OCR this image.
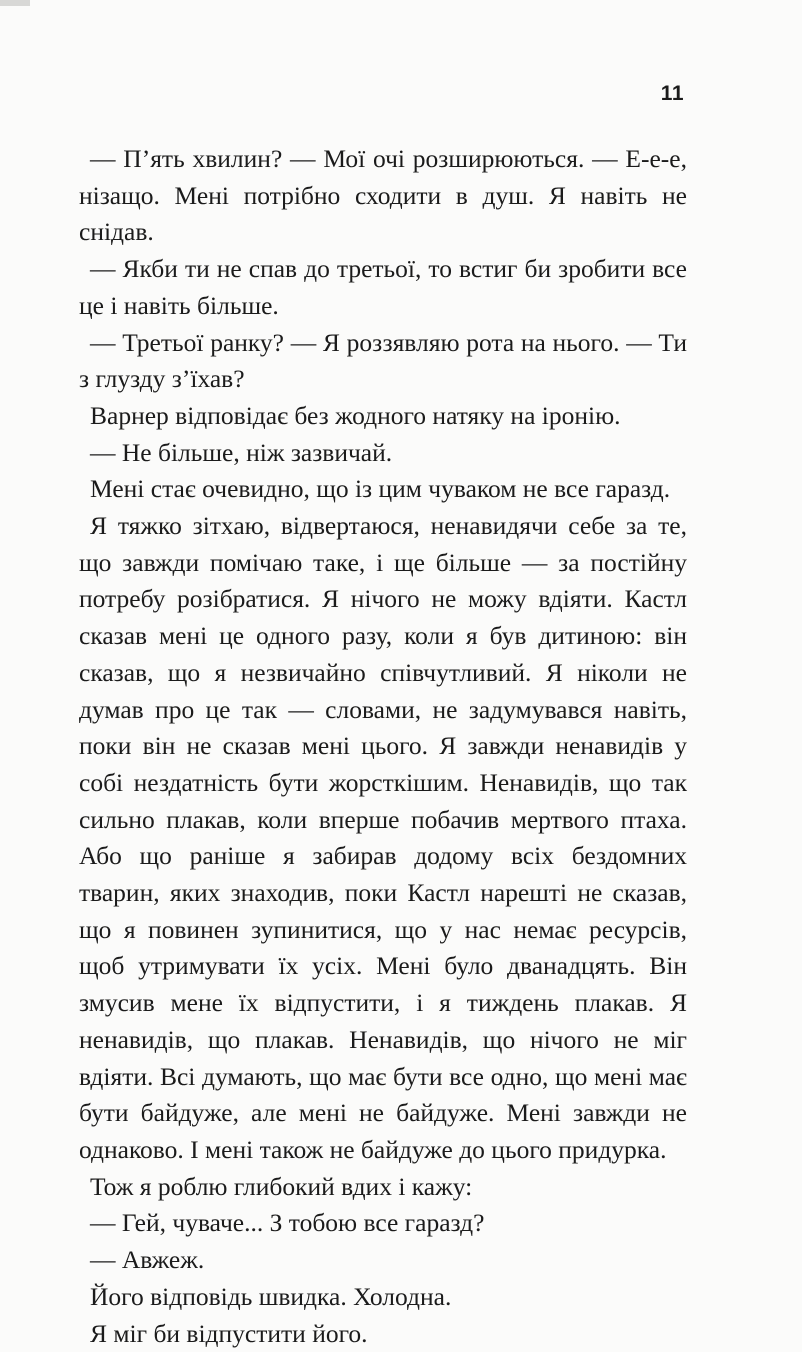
11

— П’ять хвилин? — Мої очі розширюються. — Е-е-е, нізащо. Мені потрібно сходити в душ. Я навіть не снідав.

— Якби ти не спав до третьої, то встиг би зробити все це і навіть більше.

— Третьої ранку? — Я роззявляю рота на нього. — Ти з глузду з’їхав?

Варнер відповідає без жодного натяку на іронію.

— Не більше, ніж зазвичай.

Мені стає очевидно, що із цим чуваком не все гаразд.

Я тяжко зітхаю, відвертаюся, ненавидячи себе за те, що завжди помічаю таке, і ще більше — за постійну потребу розібратися. Я нічого не можу вдіяти. Кастл сказав мені це одного разу, коли я був дитиною: він сказав, що я незвичайно співчутливий. Я ніколи не думав про це так — словами, не задумувався навіть, поки він не сказав мені цього. Я завжди ненавидів у собі нездатність бути жорсткішим. Ненавидів, що так сильно плакав, коли вперше побачив мертвого птаха. Або що раніше я забирав додому всіх бездомних тварин, яких знаходив, поки Кастл нарешті не сказав, що я повинен зупинитися, що у нас немає ресурсів, щоб утримувати їх усіх. Мені було дванадцять. Він змусив мене їх відпустити, і я тиждень плакав. Я ненавидів, що плакав. Ненавидів, що нічого не міг вдіяти. Всі думають, що має бути все одно, що мені має бути байдуже, але мені не байдуже. Мені завжди не однаково. І мені також не байдуже до цього придурка.

Тож я роблю глибокий вдих і кажу:

— Гей, чуваче... З тобою все гаразд?

— Авжеж.

Його відповідь швидка. Холодна.

Я міг би відпустити його.
